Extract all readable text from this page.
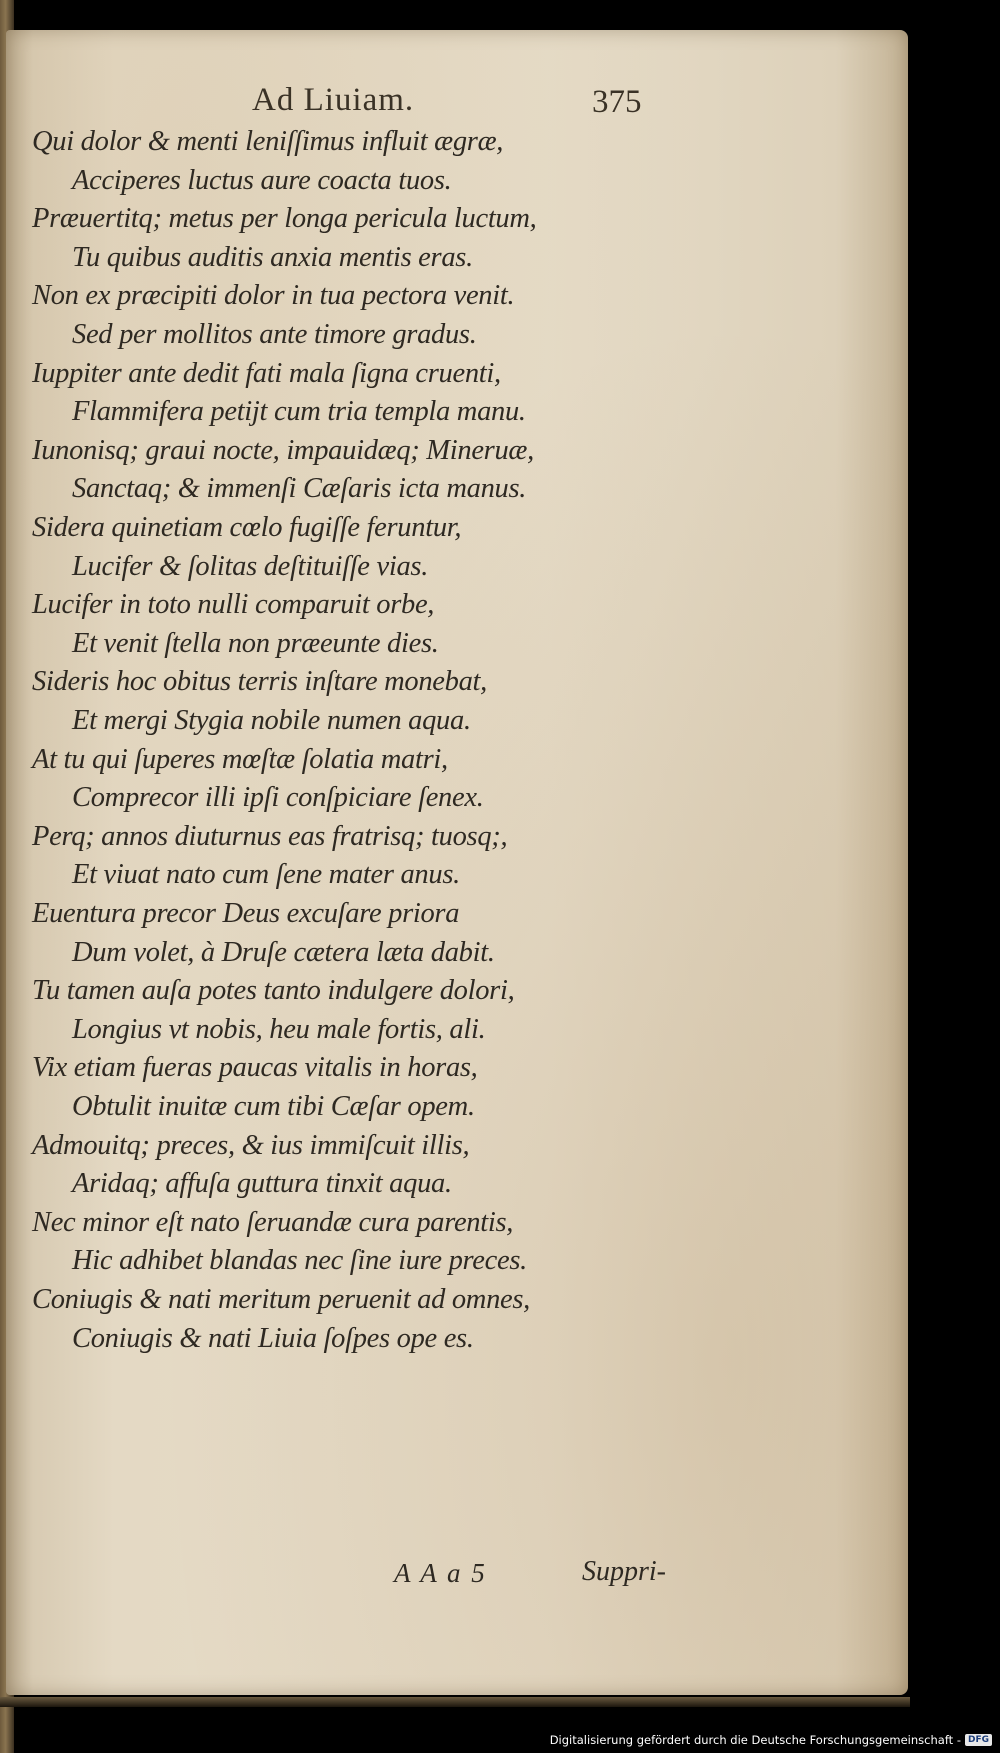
Ad Liuiam.	375
Qui dolor & menti leniſſimus influit ægræ,
Acciperes luctus aure coacta tuos.
Præuertitq; metus per longa pericula luctum,
Tu quibus auditis anxia mentis eras.
Non ex præcipiti dolor in tua pectora venit.
Sed per mollitos ante timore gradus.
Iuppiter ante dedit fati mala ſigna cruenti,
Flammifera petijt cum tria templa manu.
Iunonisq; graui nocte, impauidæq; Mineruæ,
Sanctaq; & immenſi Cæſaris icta manus.
Sidera quinetiam cœlo fugiſſe feruntur,
Lucifer & ſolitas deſtituiſſe vias.
Lucifer in toto nulli comparuit orbe,
Et venit ſtella non præeunte dies.
Sideris hoc obitus terris inſtare monebat,
Et mergi Stygia nobile numen aqua.
At tu qui ſuperes mœſtæ ſolatia matri,
Comprecor illi ipſi conſpiciare ſenex.
Perq; annos diuturnus eas fratrisq; tuosq;,
Et viuat nato cum ſene mater anus.
Euentura precor Deus excuſare priora
Dum volet, à Druſe cætera læta dabit.
Tu tamen auſa potes tanto indulgere dolori,
Longius vt nobis, heu male fortis, ali.
Vix etiam fueras paucas vitalis in horas,
Obtulit inuitæ cum tibi Cæſar opem.
Admouitq; preces, & ius immiſcuit illis,
Aridaq; affuſa guttura tinxit aqua.
Nec minor eſt nato ſeruandæ cura parentis,
Hic adhibet blandas nec ſine iure preces.
Coniugis & nati meritum peruenit ad omnes,
Coniugis & nati Liuia ſoſpes ope es.
A A a 5	Suppri-
Digitalisierung gefördert durch die Deutsche Forschungsgemeinschaft - DFG
